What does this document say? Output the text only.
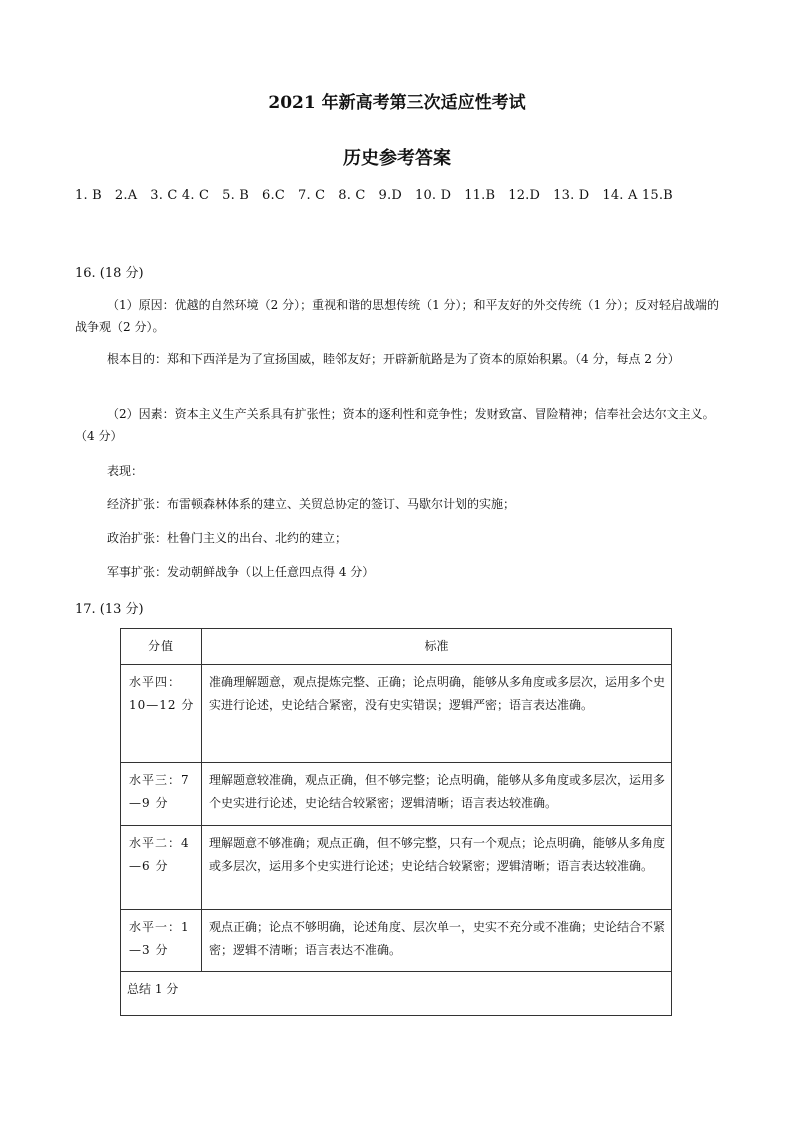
2021 年新高考第三次适应性考试
历史参考答案
1. B   2.A   3. C 4. C   5. B   6.C   7. C   8. C   9.D   10. D   11.B   12.D   13. D   14. A 15.B
16. (18 分)
（1）原因：优越的自然环境（2 分）；重视和谐的思想传统（1 分）；和平友好的外交传统（1 分）；反对轻启战端的战争观（2 分）。
根本目的：郑和下西洋是为了宣扬国威，睦邻友好；开辟新航路是为了资本的原始积累。（4 分，每点 2 分）
（2）因素：资本主义生产关系具有扩张性；资本的逐利性和竞争性；发财致富、冒险精神；信奉社会达尔文主义。（4 分）
表现：
经济扩张：布雷顿森林体系的建立、关贸总协定的签订、马歇尔计划的实施；
政治扩张：杜鲁门主义的出台、北约的建立；
军事扩张：发动朝鲜战争（以上任意四点得 4 分）
17. (13 分)
分值	标准
水平四：10—12 分	准确理解题意，观点提炼完整、正确；论点明确，能够从多角度或多层次，运用多个史实进行论述，史论结合紧密，没有史实错误；逻辑严密；语言表达准确。
水平三：7—9 分	理解题意较准确，观点正确，但不够完整；论点明确，能够从多角度或多层次，运用多个史实进行论述，史论结合较紧密；逻辑清晰；语言表达较准确。
水平二：4—6 分	理解题意不够准确；观点正确，但不够完整，只有一个观点；论点明确，能够从多角度或多层次，运用多个史实进行论述；史论结合较紧密；逻辑清晰；语言表达较准确。
水平一：1—3 分	观点正确；论点不够明确，论述角度、层次单一，史实不充分或不准确；史论结合不紧密；逻辑不清晰；语言表达不准确。
总结 1 分	
